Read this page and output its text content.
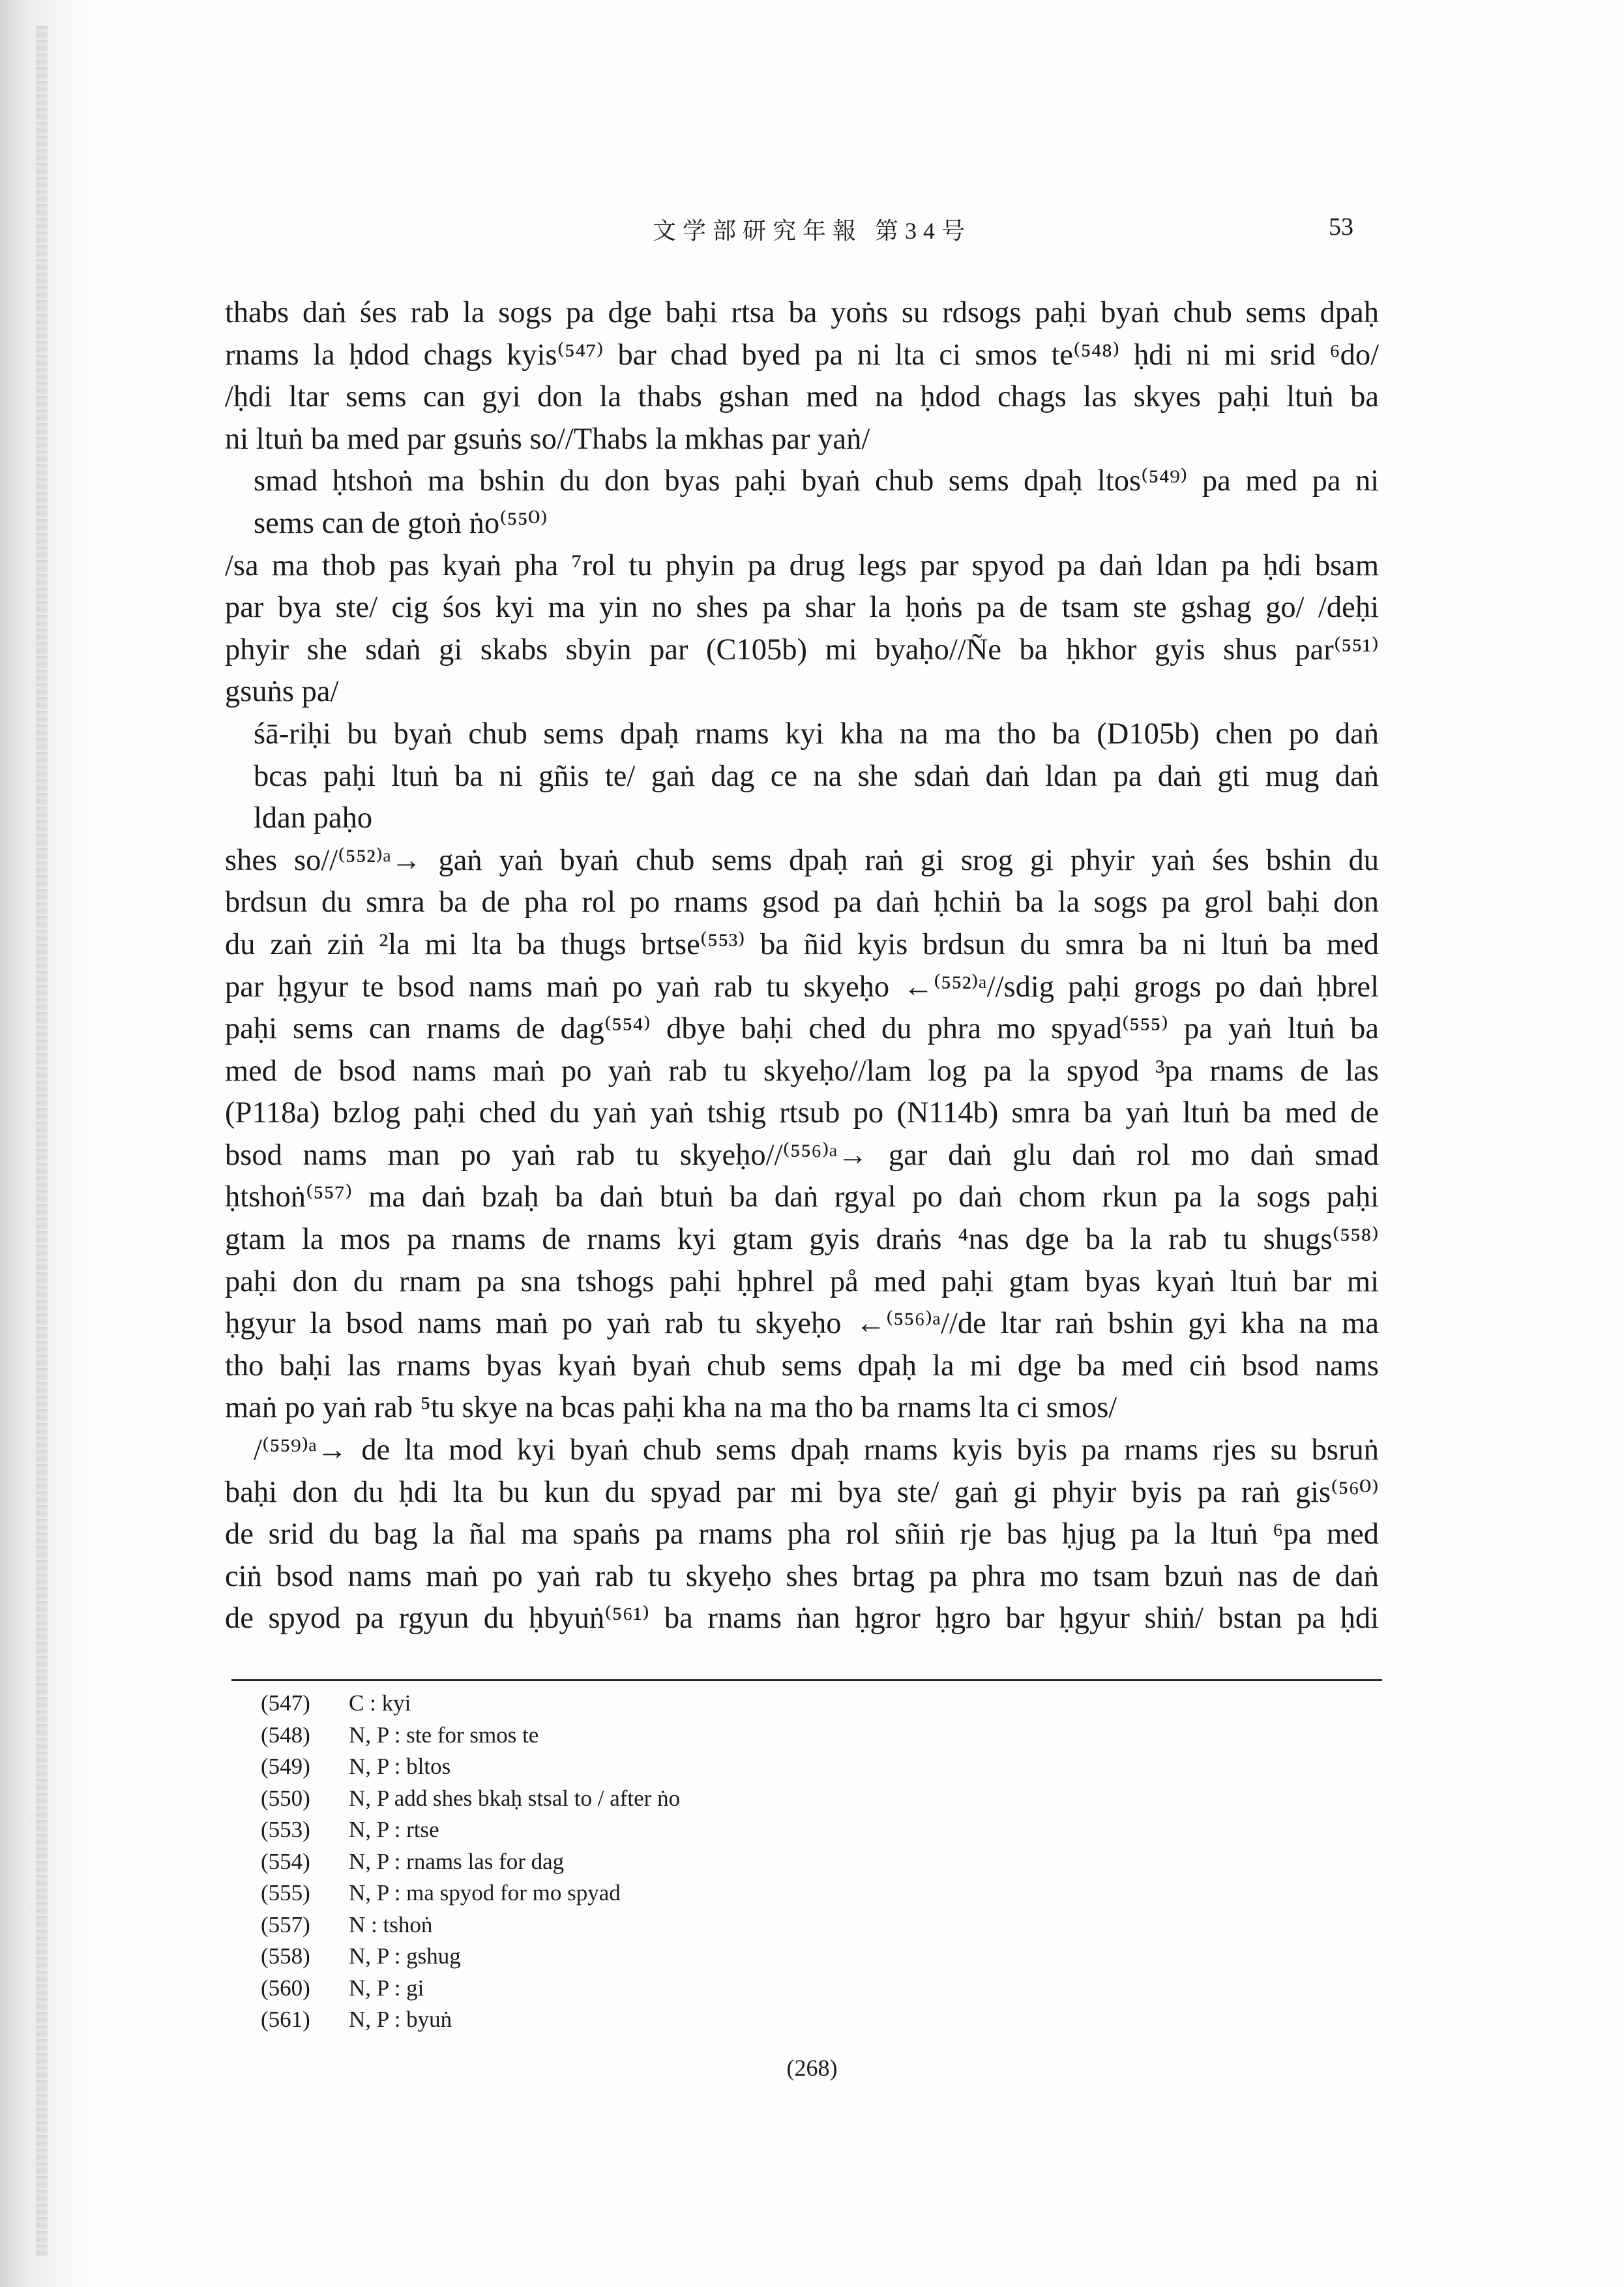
文学部研究年報 第34号	53

thabs daṅ śes rab la sogs pa dge baḥi rtsa ba yoṅs su rdsogs paḥi byaṅ chub sems dpaḥ

rnams la ḥdod chags kyis⁽⁵⁴⁷⁾ bar chad byed pa ni lta ci smos te⁽⁵⁴⁸⁾ ḥdi ni mi srid ⁶do/

/ḥdi ltar sems can gyi don la thabs gshan med na ḥdod chags las skyes paḥi ltuṅ ba

ni ltuṅ ba med par gsuṅs so//Thabs la mkhas par yaṅ/

smad ḥtshoṅ ma bshin du don byas paḥi byaṅ chub sems dpaḥ ltos⁽⁵⁴⁹⁾ pa med pa ni

sems can de gtoṅ ṅo⁽⁵⁵⁰⁾

/sa ma thob pas kyaṅ pha ⁷rol tu phyin pa drug legs par spyod pa daṅ ldan pa ḥdi bsam

par bya ste/ cig śos kyi ma yin no shes pa shar la ḥoṅs pa de tsam ste gshag go/ /deḥi

phyir she sdaṅ gi skabs sbyin par (C105b) mi byaḥo//Ñe ba ḥkhor gyis shus par⁽⁵⁵¹⁾

gsuṅs pa/

śā-riḥi bu byaṅ chub sems dpaḥ rnams kyi kha na ma tho ba (D105b) chen po daṅ

bcas paḥi ltuṅ ba ni gñis te/ gaṅ dag ce na she sdaṅ daṅ ldan pa daṅ gti mug daṅ

ldan paḥo

shes so//⁽⁵⁵²⁾ᵃ→ gaṅ yaṅ byaṅ chub sems dpaḥ raṅ gi srog gi phyir yaṅ śes bshin du

brdsun du smra ba de pha rol po rnams gsod pa daṅ ḥchiṅ ba la sogs pa grol baḥi don

du zaṅ ziṅ ²la mi lta ba thugs brtse⁽⁵⁵³⁾ ba ñid kyis brdsun du smra ba ni ltuṅ ba med

par ḥgyur te bsod nams maṅ po yaṅ rab tu skyeḥo ←⁽⁵⁵²⁾ᵃ//sdig paḥi grogs po daṅ ḥbrel

paḥi sems can rnams de dag⁽⁵⁵⁴⁾ dbye baḥi ched du phra mo spyad⁽⁵⁵⁵⁾ pa yaṅ ltuṅ ba

med de bsod nams maṅ po yaṅ rab tu skyeḥo//lam log pa la spyod ³pa rnams de las

(P118a) bzlog paḥi ched du yaṅ yaṅ tshig rtsub po (N114b) smra ba yaṅ ltuṅ ba med de

bsod nams man po yaṅ rab tu skyeḥo//⁽⁵⁵⁶⁾ᵃ→ gar daṅ glu daṅ rol mo daṅ smad

ḥtshoṅ⁽⁵⁵⁷⁾ ma daṅ bzaḥ ba daṅ btuṅ ba daṅ rgyal po daṅ chom rkun pa la sogs paḥi

gtam la mos pa rnams de rnams kyi gtam gyis draṅs ⁴nas dge ba la rab tu shugs⁽⁵⁵⁸⁾

paḥi don du rnam pa sna tshogs paḥi ḥphrel på med paḥi gtam byas kyaṅ ltuṅ bar mi

ḥgyur la bsod nams maṅ po yaṅ rab tu skyeḥo ←⁽⁵⁵⁶⁾ᵃ//de ltar raṅ bshin gyi kha na ma

tho baḥi las rnams byas kyaṅ byaṅ chub sems dpaḥ la mi dge ba med ciṅ bsod nams

maṅ po yaṅ rab ⁵tu skye na bcas paḥi kha na ma tho ba rnams lta ci smos/

/⁽⁵⁵⁹⁾ᵃ→ de lta mod kyi byaṅ chub sems dpaḥ rnams kyis byis pa rnams rjes su bsruṅ

baḥi don du ḥdi lta bu kun du spyad par mi bya ste/ gaṅ gi phyir byis pa raṅ gis⁽⁵⁶⁰⁾

de srid du bag la ñal ma spaṅs pa rnams pha rol sñiṅ rje bas ḥjug pa la ltuṅ ⁶pa med

ciṅ bsod nams maṅ po yaṅ rab tu skyeḥo shes brtag pa phra mo tsam bzuṅ nas de daṅ

de spyod pa rgyun du ḥbyuṅ⁽⁵⁶¹⁾ ba rnams ṅan ḥgror ḥgro bar ḥgyur shiṅ/ bstan pa ḥdi

(547)	C : kyi
(548)	N, P : ste for smos te
(549)	N, P : bltos
(550)	N, P add shes bkaḥ stsal to / after ṅo
(553)	N, P : rtse
(554)	N, P : rnams las for dag
(555)	N, P : ma spyod for mo spyad
(557)	N : tshoṅ
(558)	N, P : gshug
(560)	N, P : gi
(561)	N, P : byuṅ
(268)
